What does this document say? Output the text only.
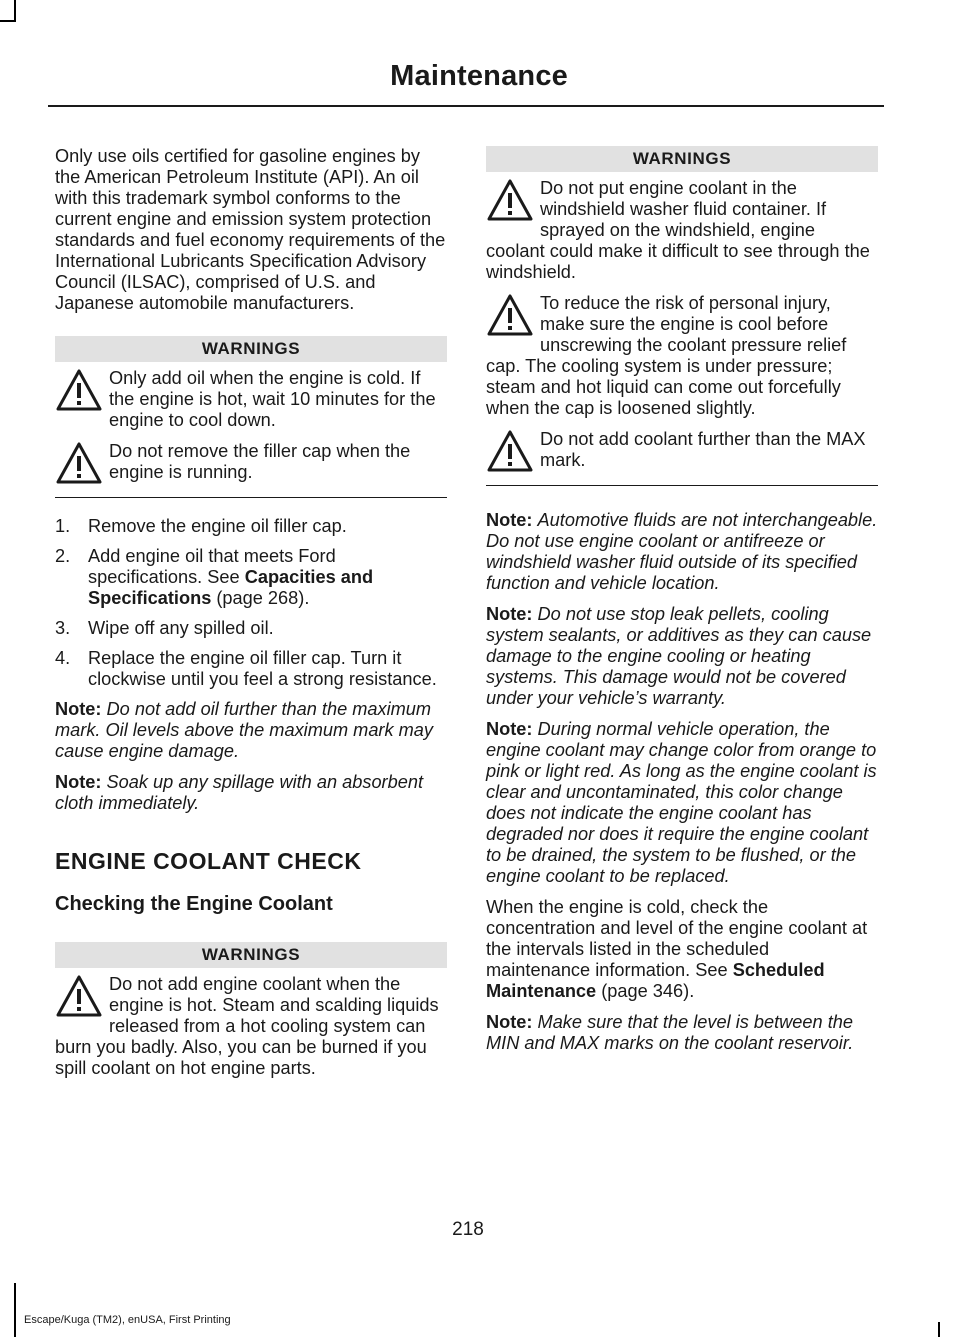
Maintenance

Only use oils certified for gasoline engines by the American Petroleum Institute (API). An oil with this trademark symbol conforms to the current engine and emission system protection standards and fuel economy requirements of the International Lubricants Specification Advisory Council (ILSAC), comprised of U.S. and Japanese automobile manufacturers.

WARNINGS
Only add oil when the engine is cold. If the engine is hot, wait 10 minutes for the engine to cool down.
Do not remove the filler cap when the engine is running.
1. Remove the engine oil filler cap.
2. Add engine oil that meets Ford specifications. See Capacities and Specifications (page 268).
3. Wipe off any spilled oil.
4. Replace the engine oil filler cap. Turn it clockwise until you feel a strong resistance.

Note: Do not add oil further than the maximum mark. Oil levels above the maximum mark may cause engine damage.

Note: Soak up any spillage with an absorbent cloth immediately.

ENGINE COOLANT CHECK
Checking the Engine Coolant
WARNINGS
Do not add engine coolant when the engine is hot. Steam and scalding liquids released from a hot cooling system can burn you badly. Also, you can be burned if you spill coolant on hot engine parts.
WARNINGS
Do not put engine coolant in the windshield washer fluid container. If sprayed on the windshield, engine coolant could make it difficult to see through the windshield.
To reduce the risk of personal injury, make sure the engine is cool before unscrewing the coolant pressure relief cap. The cooling system is under pressure; steam and hot liquid can come out forcefully when the cap is loosened slightly.
Do not add coolant further than the MAX mark.

Note: Automotive fluids are not interchangeable. Do not use engine coolant or antifreeze or windshield washer fluid outside of its specified function and vehicle location.

Note: Do not use stop leak pellets, cooling system sealants, or additives as they can cause damage to the engine cooling or heating systems. This damage would not be covered under your vehicle’s warranty.

Note: During normal vehicle operation, the engine coolant may change color from orange to pink or light red. As long as the engine coolant is clear and uncontaminated, this color change does not indicate the engine coolant has degraded nor does it require the engine coolant to be drained, the system to be flushed, or the engine coolant to be replaced.

When the engine is cold, check the concentration and level of the engine coolant at the intervals listed in the scheduled maintenance information. See Scheduled Maintenance (page 346).

Note: Make sure that the level is between the MIN and MAX marks on the coolant reservoir.

218
Escape/Kuga (TM2), enUSA, First Printing
